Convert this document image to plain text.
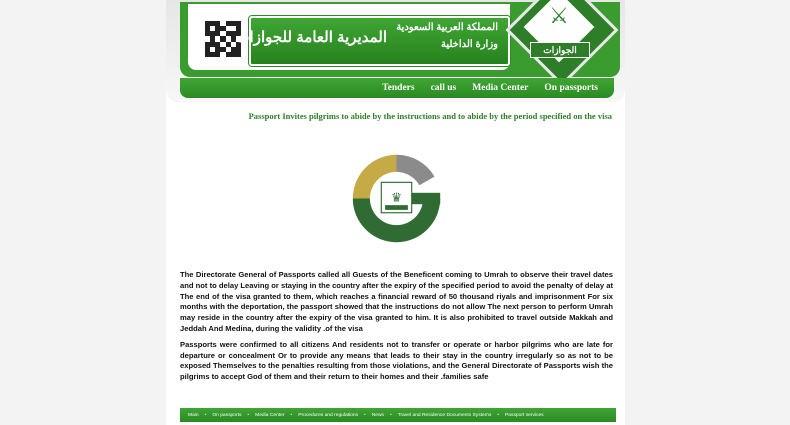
المديرية العامة للجوازات
المملكة العربية السعودية
وزارة الداخلية
⚔
الجوازات
On passports
Media Center
call us
Tenders
Passport Invites pilgrims to abide by the instructions and to abide by the period specified on the visa
♛

The Directorate General of Passports called all Guests of the Beneficent coming to Umrah to observe their travel dates and not to delay Leaving or staying in the country after the expiry of the specified period to avoid the penalty of delay at The end of the visa granted to them, which reaches a financial reward of 50 thousand riyals and imprisonment For six months with the deportation, the passport showed that the instructions do not allow The next person to perform Umrah may reside in the country after the expiry of the visa granted to him. It is also prohibited to travel outside Makkah and Jeddah And Medina, during the validity .of the visa

Passports were confirmed to all citizens And residents not to transfer or operate or harbor pilgrims who are late for departure or concealment Or to provide any means that leads to their stay in the country irregularly so as not to be exposed Themselves to the penalties resulting from those violations, and the General Directorate of Passports wish the pilgrims to accept God of them and their return to their homes and their .families safe

Main • On passports • Media Center • Procedures and regulations • News • Travel and Residence Documents Systems • Passport services
